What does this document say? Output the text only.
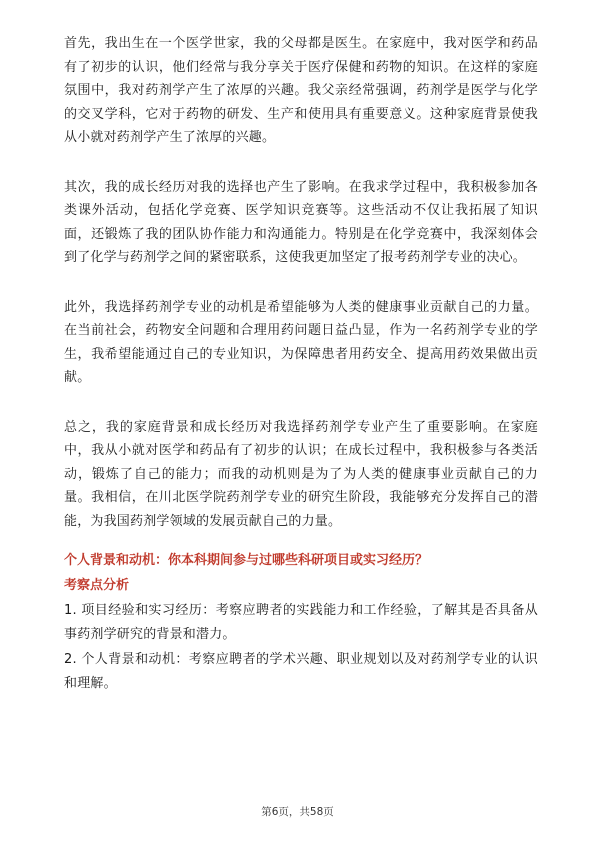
首先，我出生在一个医学世家，我的父母都是医生。在家庭中，我对医学和药品有了初步的认识，他们经常与我分享关于医疗保健和药物的知识。在这样的家庭氛围中，我对药剂学产生了浓厚的兴趣。我父亲经常强调，药剂学是医学与化学的交叉学科，它对于药物的研发、生产和使用具有重要意义。这种家庭背景使我从小就对药剂学产生了浓厚的兴趣。

其次，我的成长经历对我的选择也产生了影响。在我求学过程中，我积极参加各类课外活动，包括化学竞赛、医学知识竞赛等。这些活动不仅让我拓展了知识面，还锻炼了我的团队协作能力和沟通能力。特别是在化学竞赛中，我深刻体会到了化学与药剂学之间的紧密联系，这使我更加坚定了报考药剂学专业的决心。

此外，我选择药剂学专业的动机是希望能够为人类的健康事业贡献自己的力量。在当前社会，药物安全问题和合理用药问题日益凸显，作为一名药剂学专业的学生，我希望能通过自己的专业知识，为保障患者用药安全、提高用药效果做出贡献。

总之，我的家庭背景和成长经历对我选择药剂学专业产生了重要影响。在家庭中，我从小就对医学和药品有了初步的认识；在成长过程中，我积极参与各类活动，锻炼了自己的能力；而我的动机则是为了为人类的健康事业贡献自己的力量。我相信，在川北医学院药剂学专业的研究生阶段，我能够充分发挥自己的潜能，为我国药剂学领域的发展贡献自己的力量。

个人背景和动机：你本科期间参与过哪些科研项目或实习经历？

考察点分析

1. 项目经验和实习经历：考察应聘者的实践能力和工作经验，了解其是否具备从事药剂学研究的背景和潜力。

2. 个人背景和动机：考察应聘者的学术兴趣、职业规划以及对药剂学专业的认识和理解。

第6页，共58页
